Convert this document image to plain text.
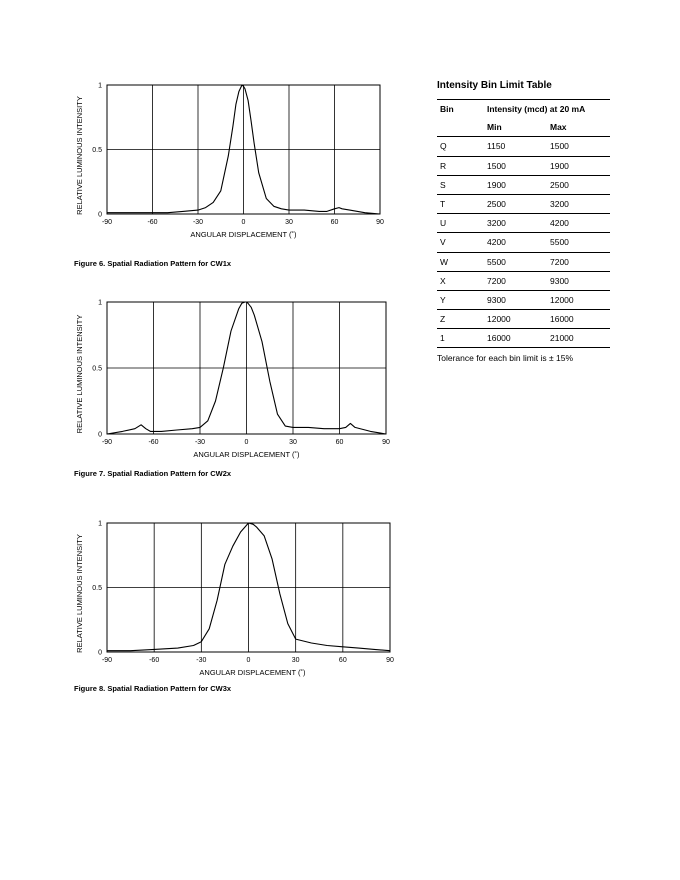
-90	-60	-30	0	30	60	90
0
0.5
1
ANGULAR DISPLACEMENT (˚)
RELATIVE LUMINOUS INTENSITY
Figure 6. Spatial Radiation Pattern for CW1x
-90	-60	-30	0	30	60	90
0
0.5
1
ANGULAR DISPLACEMENT (˚)
RELATIVE LUMINOUS INTENSITY
Figure 7. Spatial Radiation Pattern for CW2x
-90	-60	-30	0	30	60	90
0
0.5
1
ANGULAR DISPLACEMENT (˚)
RELATIVE LUMINOUS INTENSITY
Figure 8. Spatial Radiation Pattern for CW3x
Intensity Bin Limit Table
Bin	Intensity (mcd) at 20 mA	
	Min	Max
Q	1150	1500
R	1500	1900
S	1900	2500
T	2500	3200
U	3200	4200
V	4200	5500
W	5500	7200
X	7200	9300
Y	9300	12000
Z	12000	16000
1	16000	21000
Tolerance for each bin limit is ± 15%
